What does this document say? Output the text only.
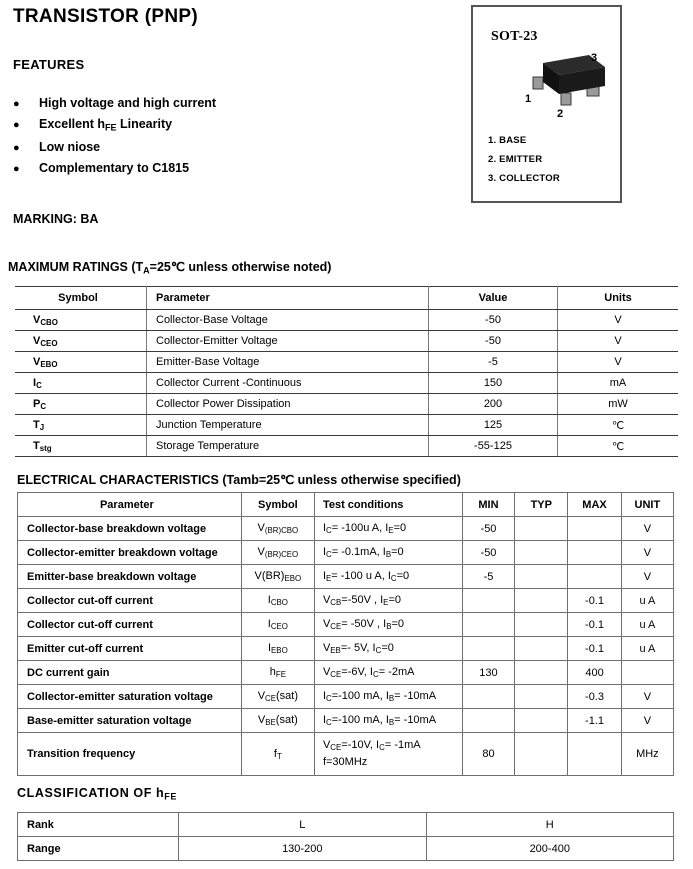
TRANSISTOR (PNP)
FEATURES
● High voltage and high current
● Excellent $h_{FE}$ Linearity
● Low niose
● Complementary to C1815
MARKING: BA
SOT-23
1
2
3
1. BASE
2. EMITTER
3. COLLECTOR
MAXIMUM RATINGS ($T_A=25℃$ unless otherwise noted)
Symbol	Parameter	Value	Units
$V_{CBO}$	Collector-Base Voltage	-50	V
$V_{CEO}$	Collector-Emitter Voltage	-50	V
$V_{EBO}$	Emitter-Base Voltage	-5	V
$I_C$	Collector Current -Continuous	150	mA
$P_C$	Collector Power Dissipation	200	mW
$T_J$	Junction Temperature	125	℃
$T_{stg}$	Storage Temperature	-55-125	℃
ELECTRICAL CHARACTERISTICS (Tamb=25℃ unless otherwise specified)
Parameter	Symbol	Test conditions	MIN	TYP	MAX	UNIT
Collector-base breakdown voltage	$V_{(BR)CBO}$	$I_C= -100u$ A, $I_E=0$	-50			V
Collector-emitter breakdown voltage	$V_{(BR)CEO}$	$I_C= -0.1mA$, $I_B=0$	-50			V
Emitter-base breakdown voltage	$V(BR)_{EBO}$	$I_E= -100$ u A, $I_C=0$	-5			V
Collector cut-off current	$I_{CBO}$	$V_{CB}=-50V$ , $I_E=0$			-0.1	u A
Collector cut-off current	$I_{CEO}$	$V_{CE}= -50V$ , $I_B=0$			-0.1	u A
Emitter cut-off current	$I_{EBO}$	$V_{EB}=-$ 5V, $I_C=0$			-0.1	u A
DC current gain	$h_{FE}$	$V_{CE}=-6V$, $I_C= -2mA$	130		400	
Collector-emitter saturation voltage	$V_{CE}(sat)$	$I_C=-100$ mA, $I_B= -10mA$			-0.3	V
Base-emitter saturation voltage	$V_{BE}(sat)$	$I_C=-100$ mA, $I_B= -10mA$			-1.1	V
Transition frequency	$f_T$	$V_{CE}=-10V$, $I_C= -1mA$
f=30MHz	80			MHz
CLASSIFICATION OF $h_{FE}$
Rank	L	H
Range	130-200	200-400
